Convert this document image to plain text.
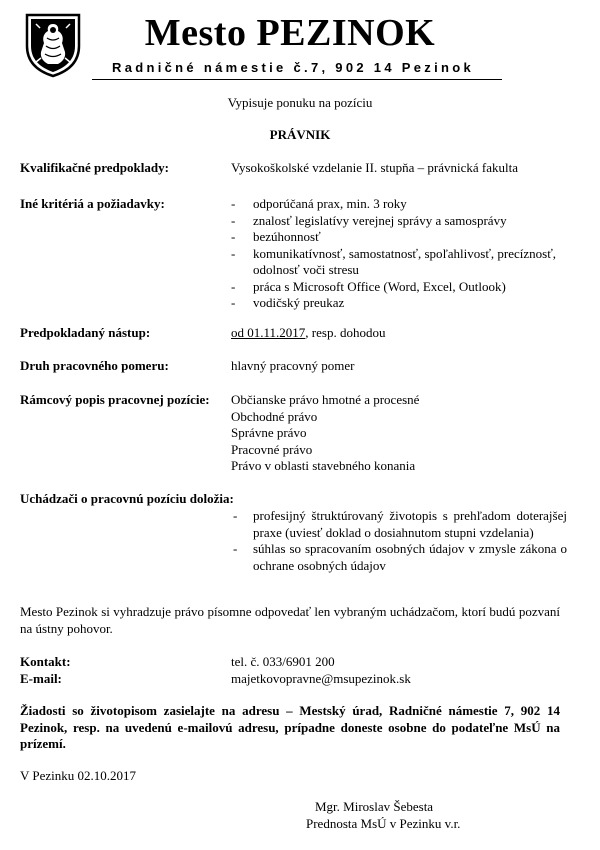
Mesto PEZINOK
Radničné námestie č.7, 902 14 Pezinok
Vypisuje ponuku na pozíciu
PRÁVNIK
Kvalifikačné predpoklady:	Vysokoškolské vzdelanie II. stupňa – právnická fakulta
Iné kritériá a požiadavky:
-	odporúčaná prax, min. 3 roky
- znalosť legislatívy verejnej správy a samosprávy
- bezúhonnosť
- komunikatívnosť, samostatnosť, spoľahlivosť, precíznosť, odolnosť voči stresu
- práca s Microsoft Office (Word, Excel, Outlook)
- vodičský preukaz
Predpokladaný nástup:	od 01.11.2017, resp. dohodou
Druh pracovného pomeru:	hlavný pracovný pomer
Rámcový popis pracovnej pozície: Občianske právo hmotné a procesné
Obchodné právo
Správne právo
Pracovné právo
Právo v oblasti stavebného konania
Uchádzači o pracovnú pozíciu doložia:
- profesijný štruktúrovaný životopis s prehľadom doterajšej praxe (uviesť doklad o dosiahnutom stupni vzdelania)
- súhlas so spracovaním osobných údajov v zmysle zákona o ochrane osobných údajov
Mesto Pezinok si vyhradzuje právo písomne odpovedať len vybraným uchádzačom, ktorí budú pozvaní na ústny pohovor.
Kontakt:	tel. č. 033/6901 200
E-mail:	majetkovopravne@msupezinok.sk
Žiadosti so životopisom zasielajte na adresu – Mestský úrad, Radničné námestie 7, 902 14 Pezinok, resp. na uvedenú e-mailovú adresu, prípadne doneste osobne do podateľne MsÚ na prízemí.
V Pezinku 02.10.2017
Mgr. Miroslav Šebesta
Prednosta MsÚ v Pezinku v.r.
